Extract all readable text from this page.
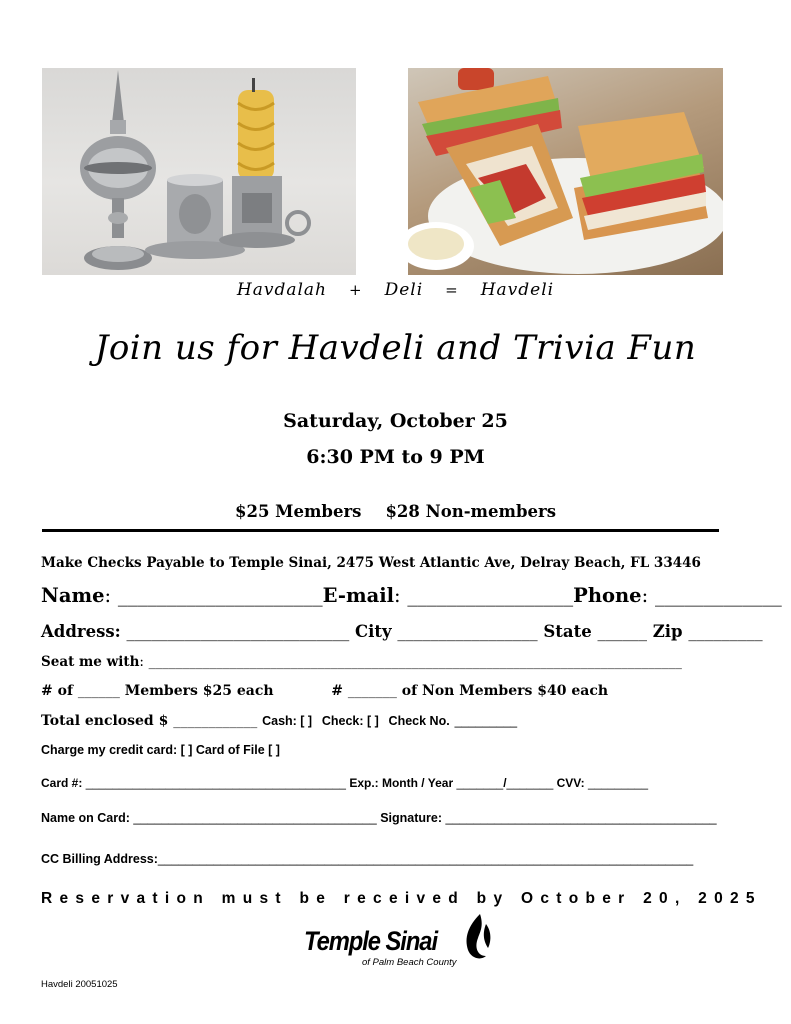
Havdalah + Deli = Havdeli
Join us for Havdeli and Trivia Fun
Saturday, October 25
6:30 PM to 9 PM
$25 Members $28 Non-members
Make Checks Payable to Temple Sinai, 2475 West Atlantic Ave, Delray Beach, FL 33446
Name: _____________________E-mail: _________________Phone: _____________
Address: ___________________________ City _________________ State ______ Zip _________
Seat me with: _______________________________________________________________________________
# of ______ Members $25 each	# _______ of Non Members $40 each
Total enclosed $ ____________ Cash: [ ] Check: [ ] Check No. _________
Charge my credit card: [ ] Card of File [ ]
Card #: _______________________________________ Exp.: Month / Year _______/_______ CVV: _________
Name on Card: ___________________________________ Signature: _______________________________________
CC Billing Address:_____________________________________________________________________________
Reservation must be received by October 20, 2025
Temple Sinai
of Palm Beach County
Havdeli 20051025
